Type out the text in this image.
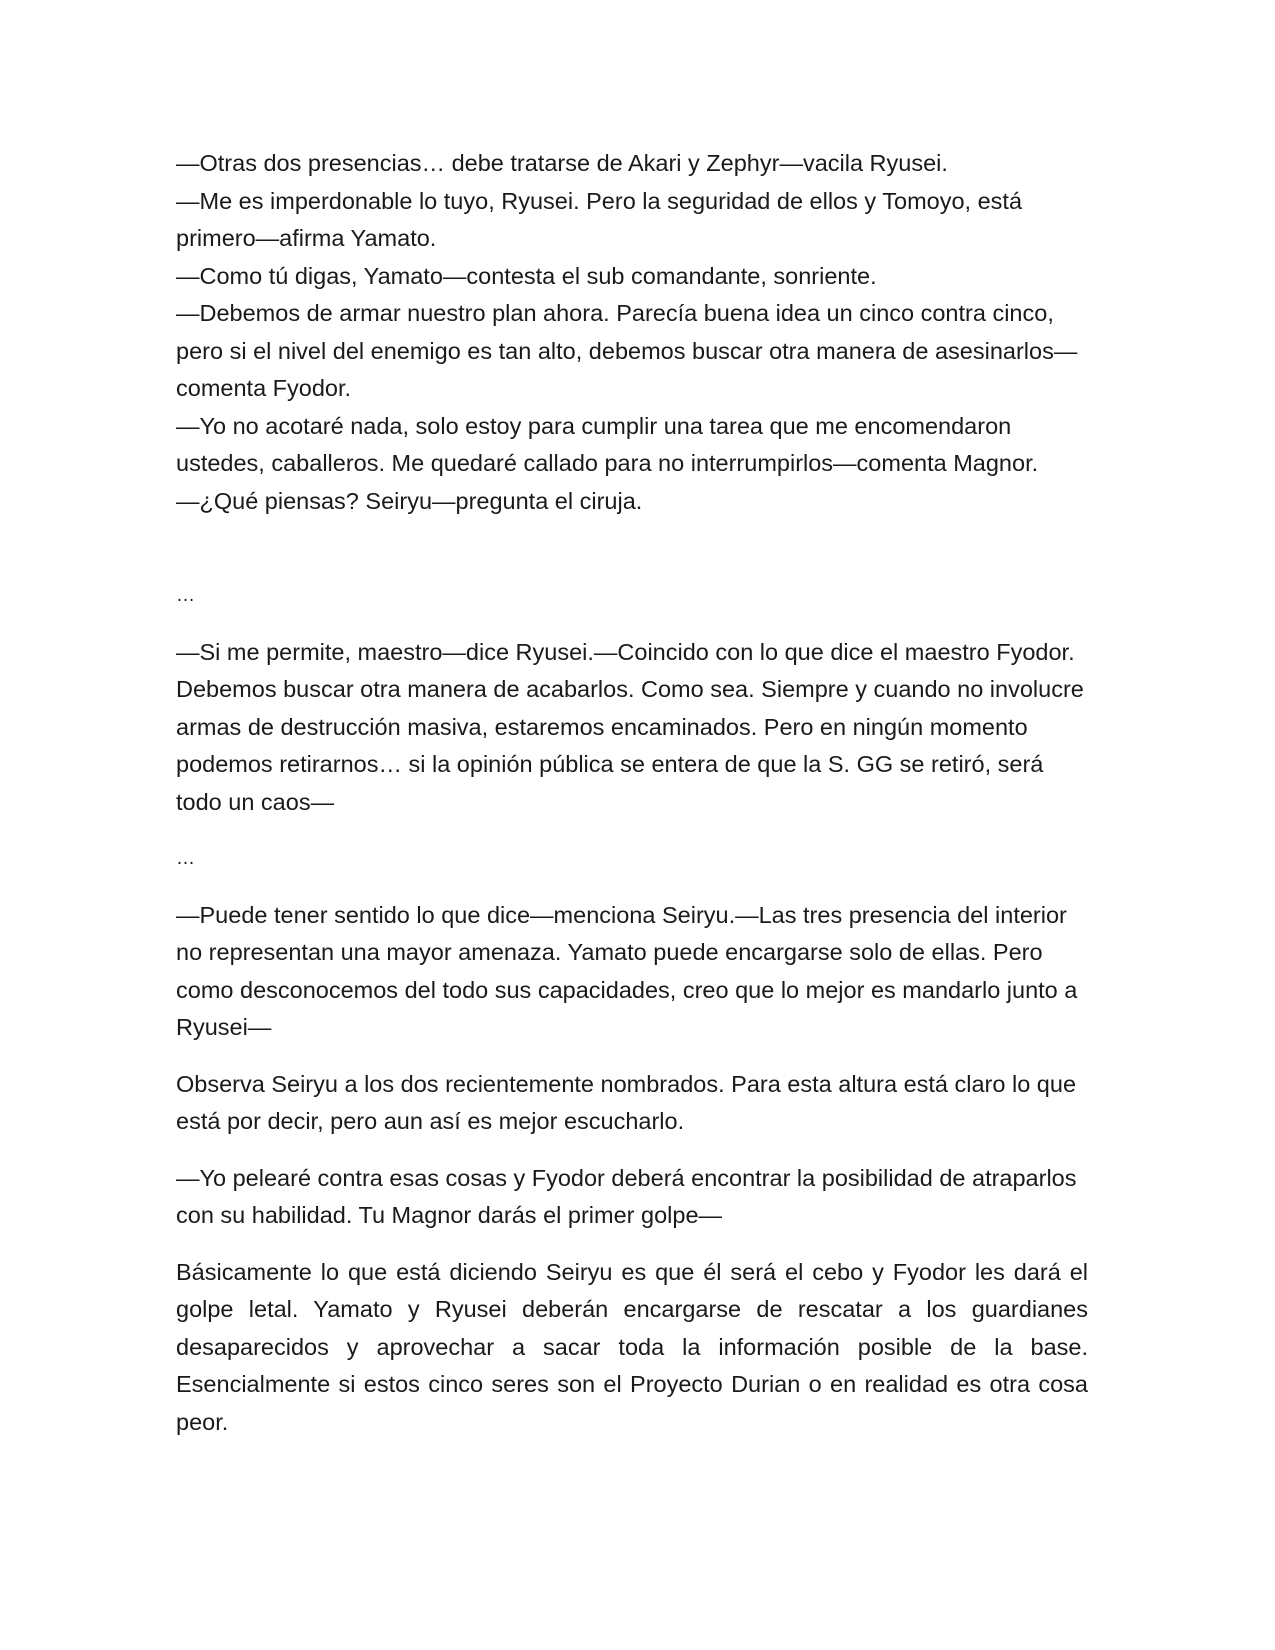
—Otras dos presencias… debe tratarse de Akari y Zephyr—vacila Ryusei.

—Me es imperdonable lo tuyo, Ryusei. Pero la seguridad de ellos y Tomoyo, está primero—afirma Yamato.

—Como tú digas, Yamato—contesta el sub comandante, sonriente.

—Debemos de armar nuestro plan ahora. Parecía buena idea un cinco contra cinco, pero si el nivel del enemigo es tan alto, debemos buscar otra manera de asesinarlos—comenta Fyodor.

—Yo no acotaré nada, solo estoy para cumplir una tarea que me encomendaron ustedes, caballeros. Me quedaré callado para no interrumpirlos—comenta Magnor.

—¿Qué piensas? Seiryu—pregunta el ciruja.

…

—Si me permite, maestro—dice Ryusei.—Coincido con lo que dice el maestro Fyodor. Debemos buscar otra manera de acabarlos. Como sea. Siempre y cuando no involucre armas de destrucción masiva, estaremos encaminados. Pero en ningún momento podemos retirarnos… si la opinión pública se entera de que la S. GG se retiró, será todo un caos—

…

—Puede tener sentido lo que dice—menciona Seiryu.—Las tres presencia del interior no representan una mayor amenaza. Yamato puede encargarse solo de ellas. Pero como desconocemos del todo sus capacidades, creo que lo mejor es mandarlo junto a Ryusei—

Observa Seiryu a los dos recientemente nombrados. Para esta altura está claro lo que está por decir, pero aun así es mejor escucharlo.

—Yo pelearé contra esas cosas y Fyodor deberá encontrar la posibilidad de atraparlos con su habilidad. Tu Magnor darás el primer golpe—

Básicamente lo que está diciendo Seiryu es que él será el cebo y Fyodor les dará el golpe letal. Yamato y Ryusei deberán encargarse de rescatar a los guardianes desaparecidos y aprovechar a sacar toda la información posible de la base. Esencialmente si estos cinco seres son el Proyecto Durian o en realidad es otra cosa peor.
